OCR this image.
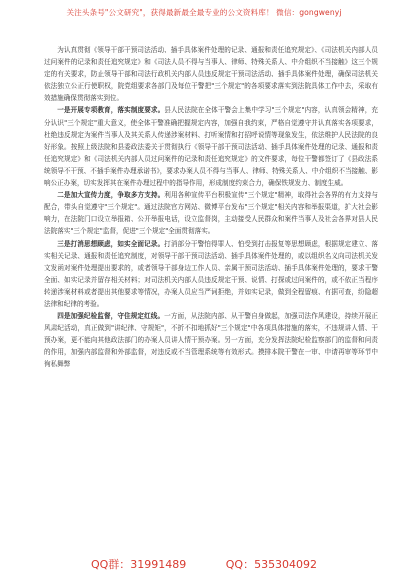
关注头条号"公文研究"，获得最新最全最专业的公文资料库！ 微信：gongwenyj

为认真贯彻《领导干部干预司法活动、插手具体案件处理的记录、通报和责任追究规定》、《司法机关内部人员过问案件的记录和责任追究规定》和《司法人员不得与当事人、律师、特殊关系人、中介组织不当接触》这三个规定的有关要求，防止领导干部和司法行政机关内部人员违反规定干预司法活动、插手具体案件处理，确保司法机关依法独立公正行使职权，院党组要求各部门及每位干警把"三个规定"的各项要求落实到法院具体工作中去，采取有效措施确保贯彻落实到位。

一是开展专项教育，落实制度要求。县人民法院在全体干警会上集中学习"三个规定"内容，认真领会精神，充分认识"三个规定"重大意义，使全体干警准确把握规定内容，加强自我约束，严格自觉遵守并认真落实各项要求，杜绝违反规定为案件当事人及其关系人传递涉案材料、打听案情和打招呼说情等现象发生，依法维护人民法院的良好形象。按照上级法院和县委政法委关于贯彻执行《领导干部干预司法活动、插手具体案件处理的记录、通报和责任追究规定》和《司法机关内部人员过问案件的记录和责任追究规定》的文件要求，每位干警都签订了《县政法系统领导不干预、不插手案件办理承诺书》，要求办案人员不得与当事人、律师、特殊关系人、中介组织不当接触、影响公正办案，切实发挥其在案件办理过程中的指导作用，形成制度约束合力，确保铁规发力、制度生威。

二是加大宣传力度，争取多方支持。利用各种宣传平台积极宣传"三个规定"精神，取得社会各界的有力支持与配合，带头自觉遵守"三个规定"。通过法院官方网站、微博平台发布"三个规定"相关内容和举报渠道，扩大社会影响力，在法院门口设立举报箱、公开举报电话，设立监督岗，主动接受人民群众和案件当事人及社会各界对县人民法院落实"三个规定"监督，促进"三个规定"全面贯彻落实。

三是打消思想顾虑，如实全面记录。打消部分干警怕得罪人、怕受到打击报复等思想顾虑，根据规定建立、落实相关记录、通报和责任追究制度，对领导干部干预司法活动、插手具体案件处理的，或以组织名义向司法机关发文发函对案件处理提出要求的，或者领导干部身边工作人员、亲属干预司法活动、插手具体案件处理的，要求干警全面、如实记录并留存相关材料；对司法机关内部人员违反规定干预、说情、打探或过问案件的，或不依正当程序转递涉案材料或者提出其他要求等情况，办案人员应当严词拒绝，并如实记录，做到全程留痕、有据可查，纷隐超法律和纪律的考验。

四是加强纪检监督，守住规定红线。一方面，从法院内部、从干警自身做起，加强司法作风建设，持续开展正风肃纪活动，真正做到"讲纪律、守规矩"，不折不扣地抓好"三个规定"中各项具体措施的落实，不违规讲人情、干预办案，更不能向其他政法部门的办案人员讲人情干预办案。另一方面，充分发挥法院纪检监察部门的监督和问责的作用，加强内部监督和外部监督，对违反或不当管理系统等有效形式。摸排本院干警在一审、申请再审等环节中徇私舞弊

QQ群：31991489	QQ：535304092
